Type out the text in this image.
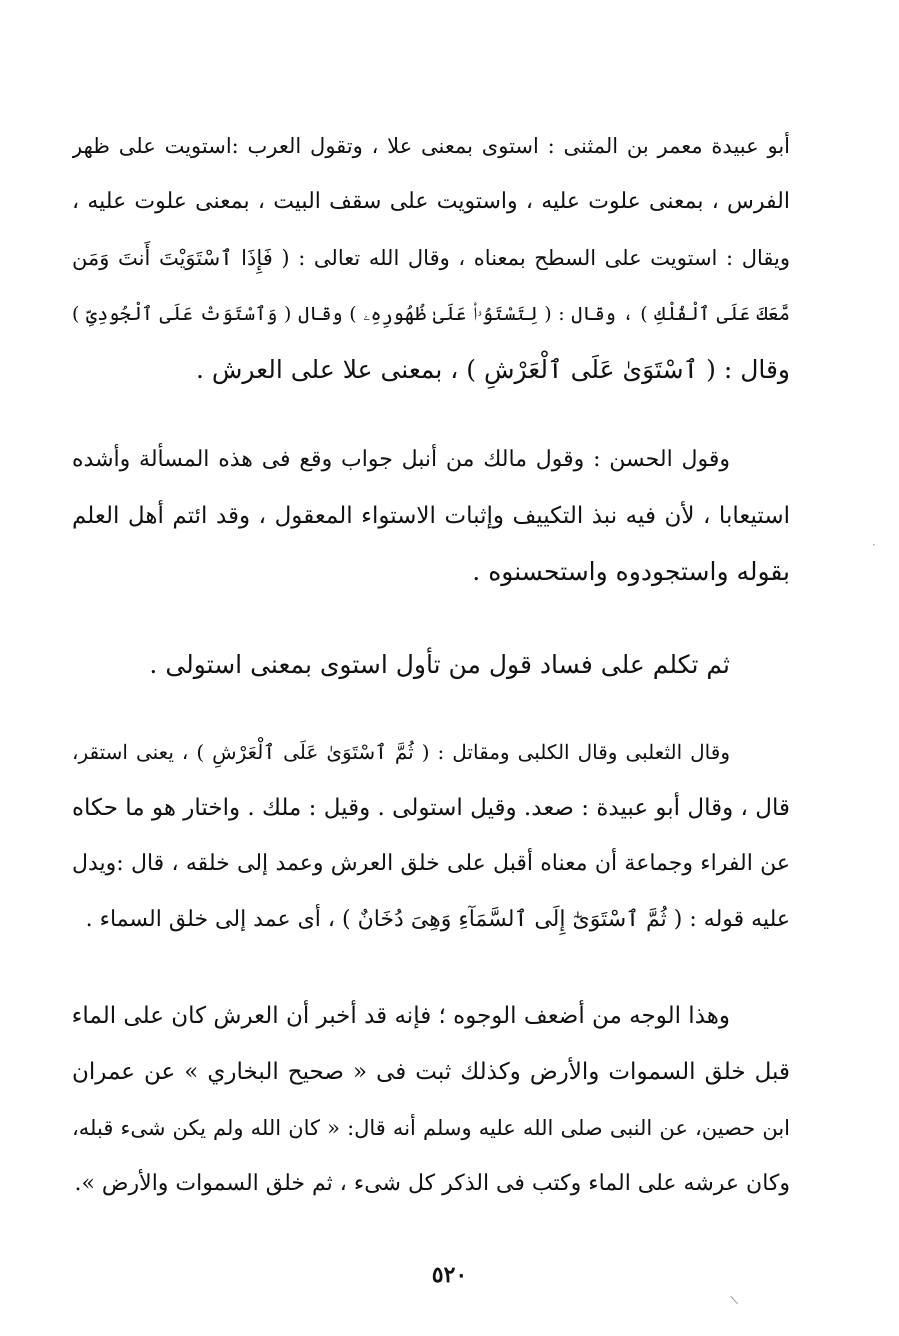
أبو عبيدة معمر بن المثنى : استوى بمعنى علا ، وتقول العرب :استويت على ظهر
الفرس ، بمعنى علوت عليه ، واستويت على سقف البيت ، بمعنى علوت عليه ،
ويقال : استويت على السطح بمعناه ، وقال الله تعالى : ( فَإِذَا ٱسْتَوَيْتَ أَنتَ وَمَن
مَّعَكَ عَلَى ٱلْفُلْكِ ) ، وقال : ( لِتَسْتَوُۥا۟ عَلَىٰ ظُهُورِهِۦ ) وقال ( وَٱسْتَوَتْ عَلَى ٱلْجُودِىِّ )
وقال : ( ٱسْتَوَىٰ عَلَى ٱلْعَرْشِ ) ، بمعنى علا على العرش .
وقول الحسن : وقول مالك من أنبل جواب وقع فى هذه المسألة وأشده
استيعابا ، لأن فيه نبذ التكييف وإثبات الاستواء المعقول ، وقد ائتم أهل العلم
بقوله واستجودوه واستحسنوه .
ثم تكلم على فساد قول من تأول استوى بمعنى استولى .
وقال الثعلبى وقال الكلبى ومقاتل : ( ثُمَّ ٱسْتَوَىٰ عَلَى ٱلْعَرْشِ ) ، يعنى استقر،
قال ، وقال أبو عبيدة : صعد. وقيل استولى . وقيل : ملك . واختار هو ما حكاه
عن الفراء وجماعة أن معناه أقبل على خلق العرش وعمد إلى خلقه ، قال :ويدل
عليه قوله : ( ثُمَّ ٱسْتَوَىٰٓ إِلَى ٱلسَّمَآءِ وَهِىَ دُخَانٌ ) ، أى عمد إلى خلق السماء .
وهذا الوجه من أضعف الوجوه ؛ فإنه قد أخبر أن العرش كان على الماء
قبل خلق السموات والأرض وكذلك ثبت فى « صحيح البخاري » عن عمران
ابن حصين، عن النبى صلى الله عليه وسلم أنه قال: « كان الله ولم يكن شىء قبله،
وكان عرشه على الماء وكتب فى الذكر كل شىء ، ثم خلق السموات والأرض ».
٥٢٠
·
/
